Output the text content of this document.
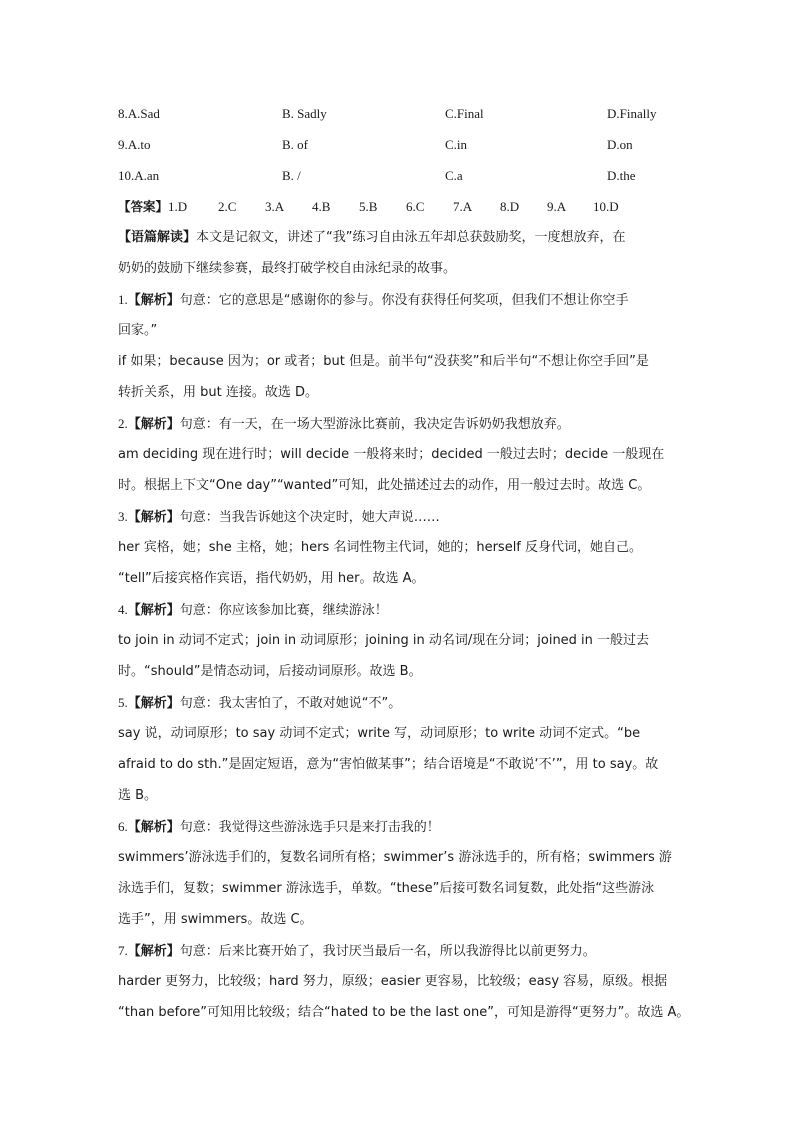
8.A.Sad	B. Sadly	C.Final	D.Finally
9.A.to	B. of	C.in	D.on
10.A.an	B. /	C.a	D.the
【答案】1.D 2.C 3.A 4.B 5.B 6.C 7.A 8.D 9.A 10.D
【语篇解读】本文是记叙文，讲述了“我”练习自由泳五年却总获鼓励奖，一度想放弃，在
奶奶的鼓励下继续参赛，最终打破学校自由泳纪录的故事。
1.【解析】句意：它的意思是“感谢你的参与。你没有获得任何奖项，但我们不想让你空手
回家。”
if 如果；because 因为；or 或者；but 但是。前半句“没获奖”和后半句“不想让你空手回”是
转折关系，用 but 连接。故选 D。
2.【解析】句意：有一天，在一场大型游泳比赛前，我决定告诉奶奶我想放弃。
am deciding 现在进行时；will decide 一般将来时；decided 一般过去时；decide 一般现在
时。根据上下文“One day”“wanted”可知，此处描述过去的动作，用一般过去时。故选 C。
3.【解析】句意：当我告诉她这个决定时，她大声说……
her 宾格，她；she 主格，她；hers 名词性物主代词，她的；herself 反身代词，她自己。
“tell”后接宾格作宾语，指代奶奶，用 her。故选 A。
4.【解析】句意：你应该参加比赛，继续游泳！
to join in 动词不定式；join in 动词原形；joining in 动名词/现在分词；joined in 一般过去
时。“should”是情态动词，后接动词原形。故选 B。
5.【解析】句意：我太害怕了，不敢对她说“不”。
say 说，动词原形；to say 动词不定式；write 写，动词原形；to write 动词不定式。“be
afraid to do sth.”是固定短语，意为“害怕做某事”；结合语境是“不敢说‘不’”，用 to say。故
选 B。
6.【解析】句意：我觉得这些游泳选手只是来打击我的！
swimmers’游泳选手们的，复数名词所有格；swimmer’s 游泳选手的，所有格；swimmers 游
泳选手们，复数；swimmer 游泳选手，单数。“these”后接可数名词复数，此处指“这些游泳
选手”，用 swimmers。故选 C。
7.【解析】句意：后来比赛开始了，我讨厌当最后一名，所以我游得比以前更努力。
harder 更努力，比较级；hard 努力，原级；easier 更容易，比较级；easy 容易，原级。根据
“than before”可知用比较级；结合“hated to be the last one”，可知是游得“更努力”。故选 A。
